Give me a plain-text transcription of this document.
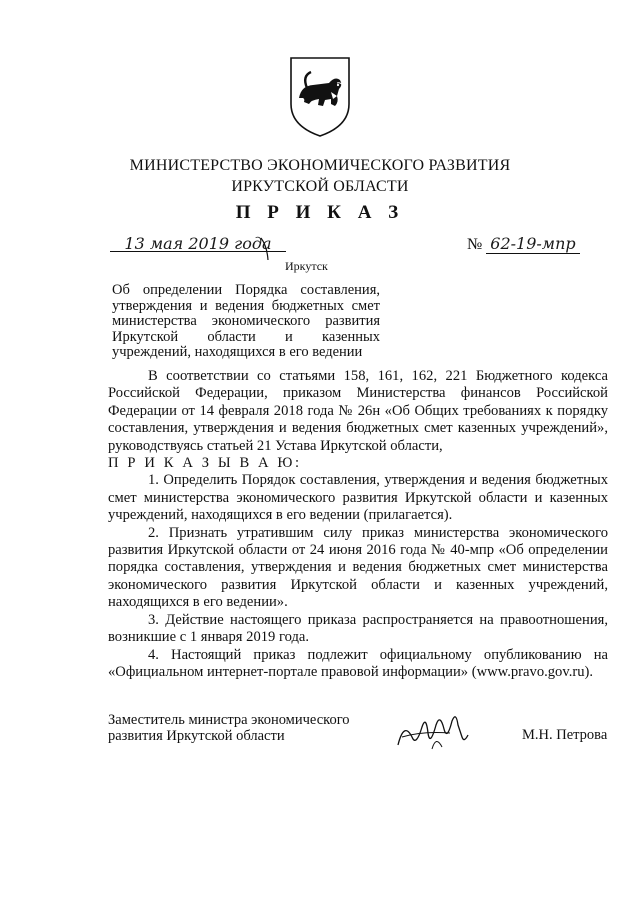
МИНИСТЕРСТВО ЭКОНОМИЧЕСКОГО РАЗВИТИЯ
ИРКУТСКОЙ ОБЛАСТИ
П Р И К А З
13 мая 2019 года	№ 62-19-мпр
Иркутск
Об определении Порядка составления,
утверждения и ведения бюджетных смет
министерства экономического развития
Иркутской области и казенных
учреждений, находящихся в его ведении

В соответствии со статьями 158, 161, 162, 221 Бюджетного кодекса Российской Федерации, приказом Министерства финансов Российской Федерации от 14 февраля 2018 года № 26н «Об Общих требованиях к порядку составления, утверждения и ведения бюджетных смет казенных учреждений», руководствуясь статьей 21 Устава Иркутской области,

П Р И К А З Ы В А Ю:

1. Определить Порядок составления, утверждения и ведения бюджетных смет министерства экономического развития Иркутской области и казенных учреждений, находящихся в его ведении (прилагается).

2. Признать утратившим силу приказ министерства экономического развития Иркутской области от 24 июня 2016 года № 40-мпр «Об определении порядка составления, утверждения и ведения бюджетных смет министерства экономического развития Иркутской области и казенных учреждений, находящихся в его ведении».

3. Действие настоящего приказа распространяется на правоотношения, возникшие с 1 января 2019 года.

4. Настоящий приказ подлежит официальному опубликованию на «Официальном интернет-портале правовой информации» (www.pravo.gov.ru).

Заместитель министра экономического
развития Иркутской области	М.Н. Петрова
